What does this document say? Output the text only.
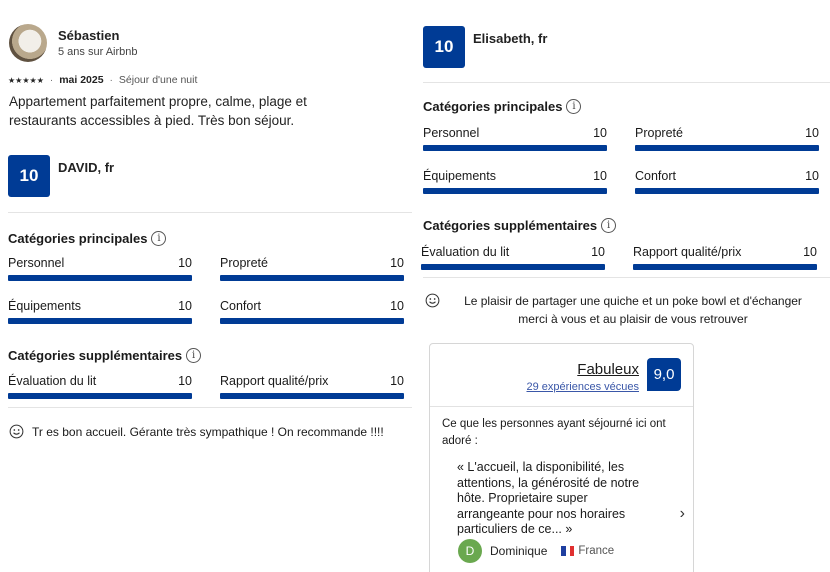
Sébastien
5 ans sur Airbnb
★★★★★ · mai 2025 · Séjour d'une nuit
Appartement parfaitement propre, calme, plage et restaurants accessibles à pied. Très bon séjour.
10	DAVID, fr
Catégories principales i
Personnel	10 Propreté	10
Équipements	10 Confort	10
Catégories supplémentaires i
Évaluation du lit	10 Rapport qualité/prix	10
Tr es bon accueil. Gérante très sympathique ! On recommande !!!!
10	Elisabeth, fr
Catégories principales i
Personnel	10 Propreté	10
Équipements	10 Confort	10
Catégories supplémentaires i
Évaluation du lit	10 Rapport qualité/prix	10
Le plaisir de partager une quiche et un poke bowl et d'échanger
merci à vous et au plaisir de vous retrouver
Fabuleux
29 expériences vécues
9,0
Ce que les personnes ayant séjourné ici ont adoré :
« L'accueil, la disponibilité, les attentions, la générosité de notre hôte. Proprietaire super arrangeante pour nos horaires particuliers de ce... »
›
D	Dominique	France
